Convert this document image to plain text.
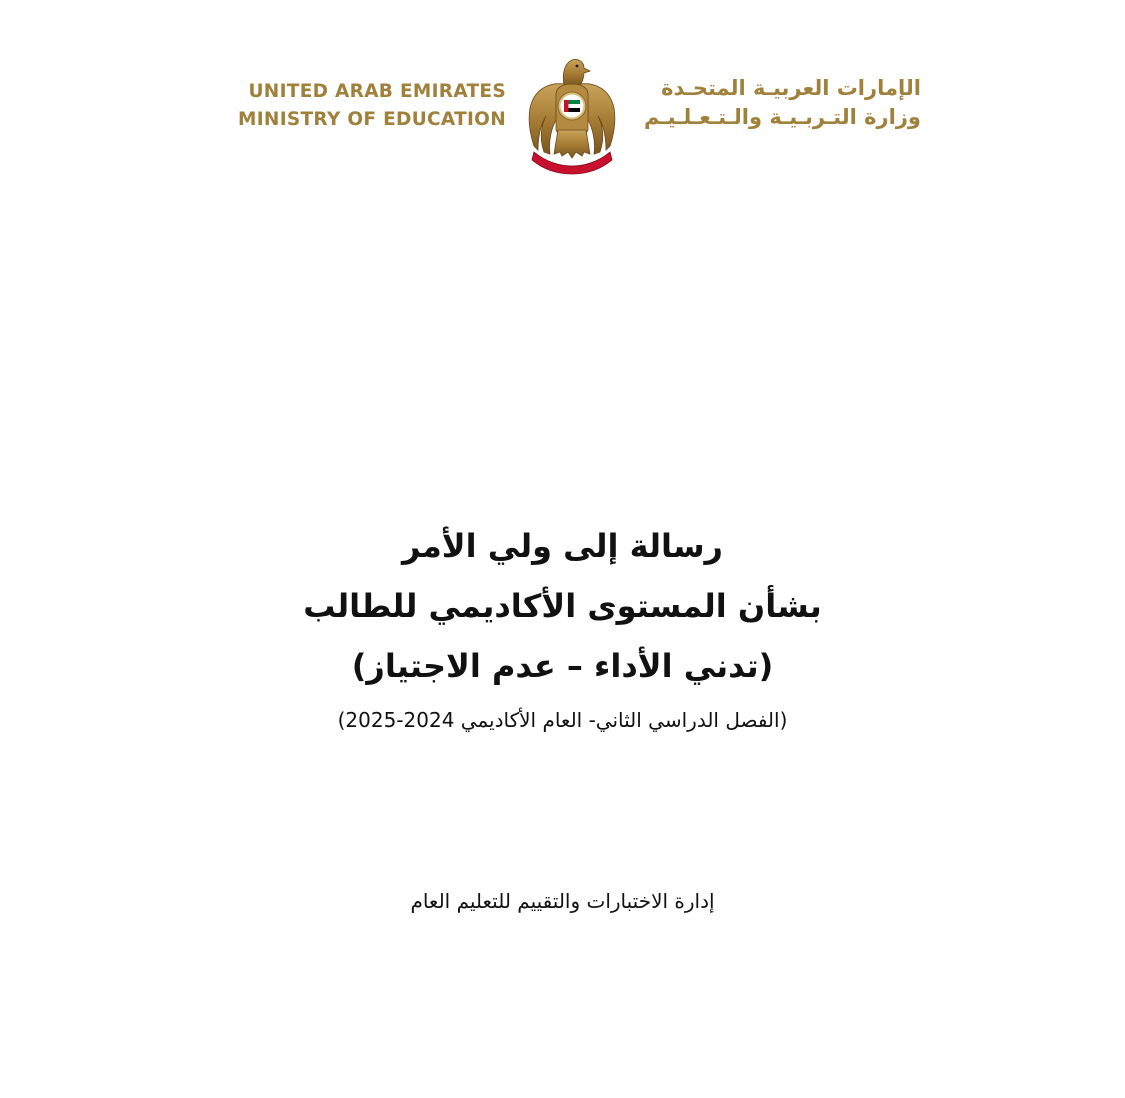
UNITED ARAB EMIRATES
MINISTRY OF EDUCATION
الإمارات العربيـة المتحـدة
وزارة التـربـيـة والـتـعـلـيـم
رسالة إلى ولي الأمر
بشأن المستوى الأكاديمي للطالب
(تدني الأداء – عدم الاجتياز)
(الفصل الدراسي الثاني- العام الأكاديمي 2024-2025)
إدارة الاختبارات والتقييم للتعليم العام
